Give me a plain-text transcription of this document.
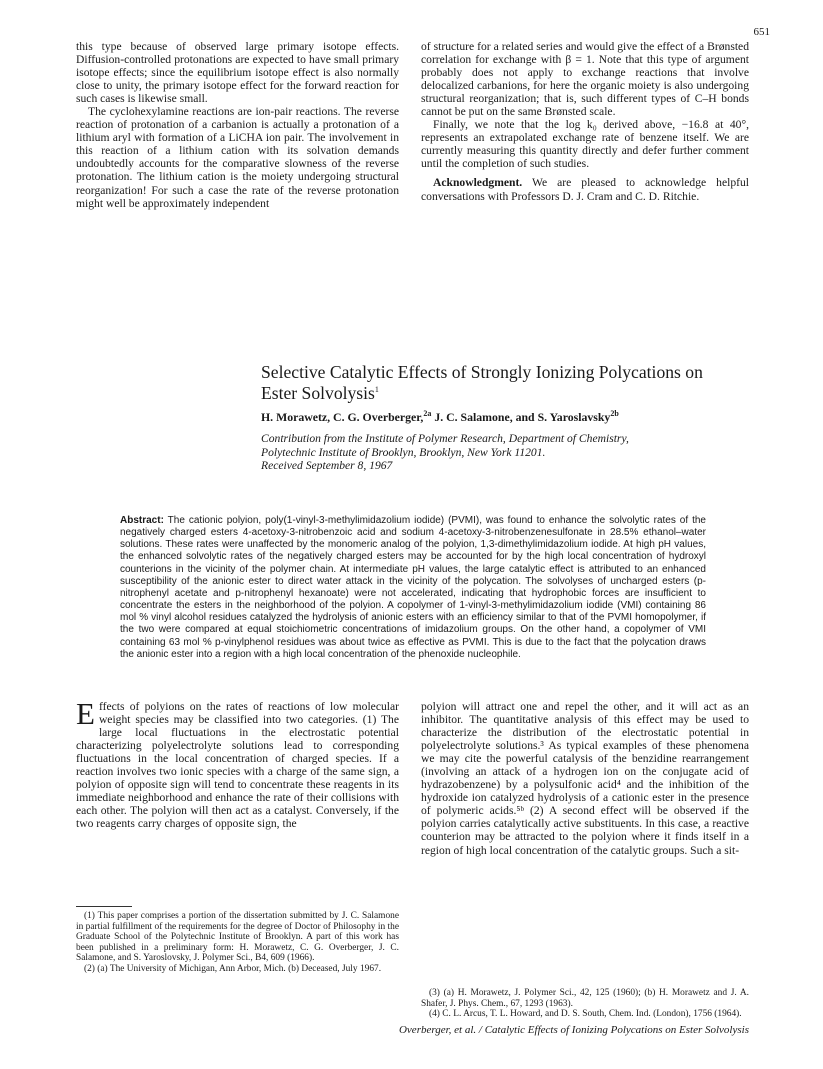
651

this type because of observed large primary isotope effects. Diffusion-controlled protonations are expected to have small primary isotope effects; since the equilibrium isotope effect is also normally close to unity, the primary isotope effect for the forward reaction for such cases is likewise small.

The cyclohexylamine reactions are ion-pair reactions. The reverse reaction of protonation of a carbanion is actually a protonation of a lithium aryl with formation of a LiCHA ion pair. The involvement in this reaction of a lithium cation with its solvation demands undoubtedly accounts for the comparative slowness of the reverse protonation. The lithium cation is the moiety undergoing structural reorganization! For such a case the rate of the reverse protonation might well be approximately independent

of structure for a related series and would give the effect of a Brønsted correlation for exchange with β = 1. Note that this type of argument probably does not apply to exchange reactions that involve delocalized carbanions, for here the organic moiety is also undergoing structural reorganization; that is, such different types of C–H bonds cannot be put on the same Brønsted scale.

Finally, we note that the log k₀ derived above, −16.8 at 40°, represents an extrapolated exchange rate of benzene itself. We are currently measuring this quantity directly and defer further comment until the completion of such studies.

Acknowledgment. We are pleased to acknowledge helpful conversations with Professors D. J. Cram and C. D. Ritchie.

Selective Catalytic Effects of Strongly Ionizing Polycations on Ester Solvolysis$^1$
H. Morawetz, C. G. Overberger,$^{2a}$ J. C. Salamone, and S. Yaroslavsky$^{2b}$
Contribution from the Institute of Polymer Research, Department of Chemistry,
Polytechnic Institute of Brooklyn, Brooklyn, New York 11201.
Received September 8, 1967
Abstract: The cationic polyion, poly(1-vinyl-3-methylimidazolium iodide) (PVMI), was found to enhance the solvolytic rates of the negatively charged esters 4-acetoxy-3-nitrobenzoic acid and sodium 4-acetoxy-3-nitrobenzenesulfonate in 28.5% ethanol–water solutions. These rates were unaffected by the monomeric analog of the polyion, 1,3-dimethylimidazolium iodide. At high pH values, the enhanced solvolytic rates of the negatively charged esters may be accounted for by the high local concentration of hydroxyl counterions in the vicinity of the polymer chain. At intermediate pH values, the large catalytic effect is attributed to an enhanced susceptibility of the anionic ester to direct water attack in the vicinity of the polycation. The solvolyses of uncharged esters (p-nitrophenyl acetate and p-nitrophenyl hexanoate) were not accelerated, indicating that hydrophobic forces are insufficient to concentrate the esters in the neighborhood of the polyion. A copolymer of 1-vinyl-3-methylimidazolium iodide (VMI) containing 86 mol % vinyl alcohol residues catalyzed the hydrolysis of anionic esters with an efficiency similar to that of the PVMI homopolymer, if the two were compared at equal stoichiometric concentrations of imidazolium groups. On the other hand, a copolymer of VMI containing 63 mol % p-vinylphenol residues was about twice as effective as PVMI. This is due to the fact that the polycation draws the anionic ester into a region with a high local concentration of the phenoxide nucleophile.

Effects of polyions on the rates of reactions of low molecular weight species may be classified into two categories. (1) The large local fluctuations in the electrostatic potential characterizing polyelectrolyte solutions lead to corresponding fluctuations in the local concentration of charged species. If a reaction involves two ionic species with a charge of the same sign, a polyion of opposite sign will tend to concentrate these reagents in its immediate neighborhood and enhance the rate of their collisions with each other. The polyion will then act as a catalyst. Conversely, if the two reagents carry charges of opposite sign, the

polyion will attract one and repel the other, and it will act as an inhibitor. The quantitative analysis of this effect may be used to characterize the distribution of the electrostatic potential in polyelectrolyte solutions.³ As typical examples of these phenomena we may cite the powerful catalysis of the benzidine rearrangement (involving an attack of a hydrogen ion on the conjugate acid of hydrazobenzene) by a polysulfonic acid⁴ and the inhibition of the hydroxide ion catalyzed hydrolysis of a cationic ester in the presence of polymeric acids.⁵ᵇ (2) A second effect will be observed if the polyion carries catalytically active substituents. In this case, a reactive counterion may be attracted to the polyion where it finds itself in a region of high local concentration of the catalytic groups. Such a sit-

(1) This paper comprises a portion of the dissertation submitted by J. C. Salamone in partial fulfillment of the requirements for the degree of Doctor of Philosophy in the Graduate School of the Polytechnic Institute of Brooklyn. A part of this work has been published in a preliminary form: H. Morawetz, C. G. Overberger, J. C. Salamone, and S. Yaroslovsky, J. Polymer Sci., B4, 609 (1966).

(2) (a) The University of Michigan, Ann Arbor, Mich. (b) Deceased, July 1967.

(3) (a) H. Morawetz, J. Polymer Sci., 42, 125 (1960); (b) H. Morawetz and J. A. Shafer, J. Phys. Chem., 67, 1293 (1963).

(4) C. L. Arcus, T. L. Howard, and D. S. South, Chem. Ind. (London), 1756 (1964).

Overberger, et al. / Catalytic Effects of Ionizing Polycations on Ester Solvolysis
